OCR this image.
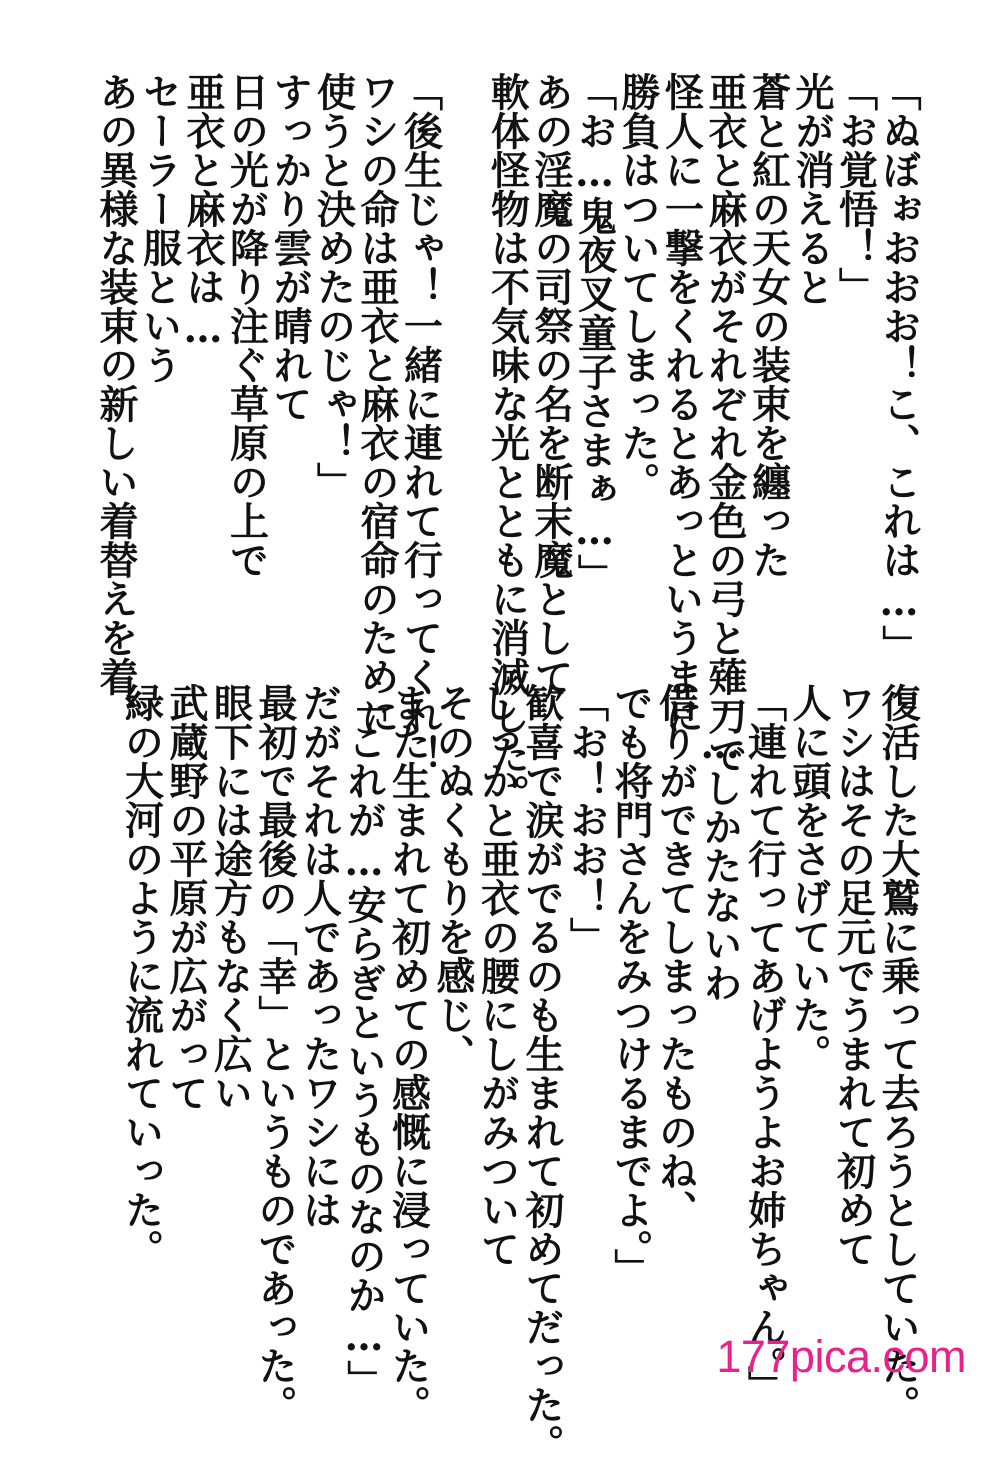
「ぬぼぉおおお！こ、これは…」
「お覚悟！」
光が消えると
蒼と紅の天女の装束を纏った
亜衣と麻衣がそれぞれ金色の弓と薙刀で
怪人に一撃をくれるとあっというまに
勝負はついてしまった。
「お…鬼夜叉童子さまぁ…」
あの淫魔の司祭の名を断末魔として
軟体怪物は不気味な光とともに消滅した。
「後生じゃ！一緒に連れて行ってくれ！
ワシの命は亜衣と麻衣の宿命のために
使うと決めたのじゃ！」
すっかり雲が晴れて
日の光が降り注ぐ草原の上で
亜衣と麻衣は…
セーラー服という
あの異様な装束の新しい着替えを着、
復活した大鷲に乗って去ろうとしていた。
ワシはその足元でうまれて初めて
人に頭をさげていた。
「連れて行ってあげようよお姉ちゃん。」
「…しかたないわ
借りができてしまったものね、
でも将門さんをみつけるまでよ。」
「お！おお！」
歓喜で涙がでるのも生まれて初めてだった。
しっかと亜衣の腰にしがみついて
そのぬくもりを感じ、
また生まれて初めての感慨に浸っていた。
「これが…安らぎというものなのか…」
だがそれは人であったワシには
最初で最後の「幸」というものであった。
眼下には途方もなく広い
武蔵野の平原が広がって
緑の大河のように流れていった。
177pica.com
